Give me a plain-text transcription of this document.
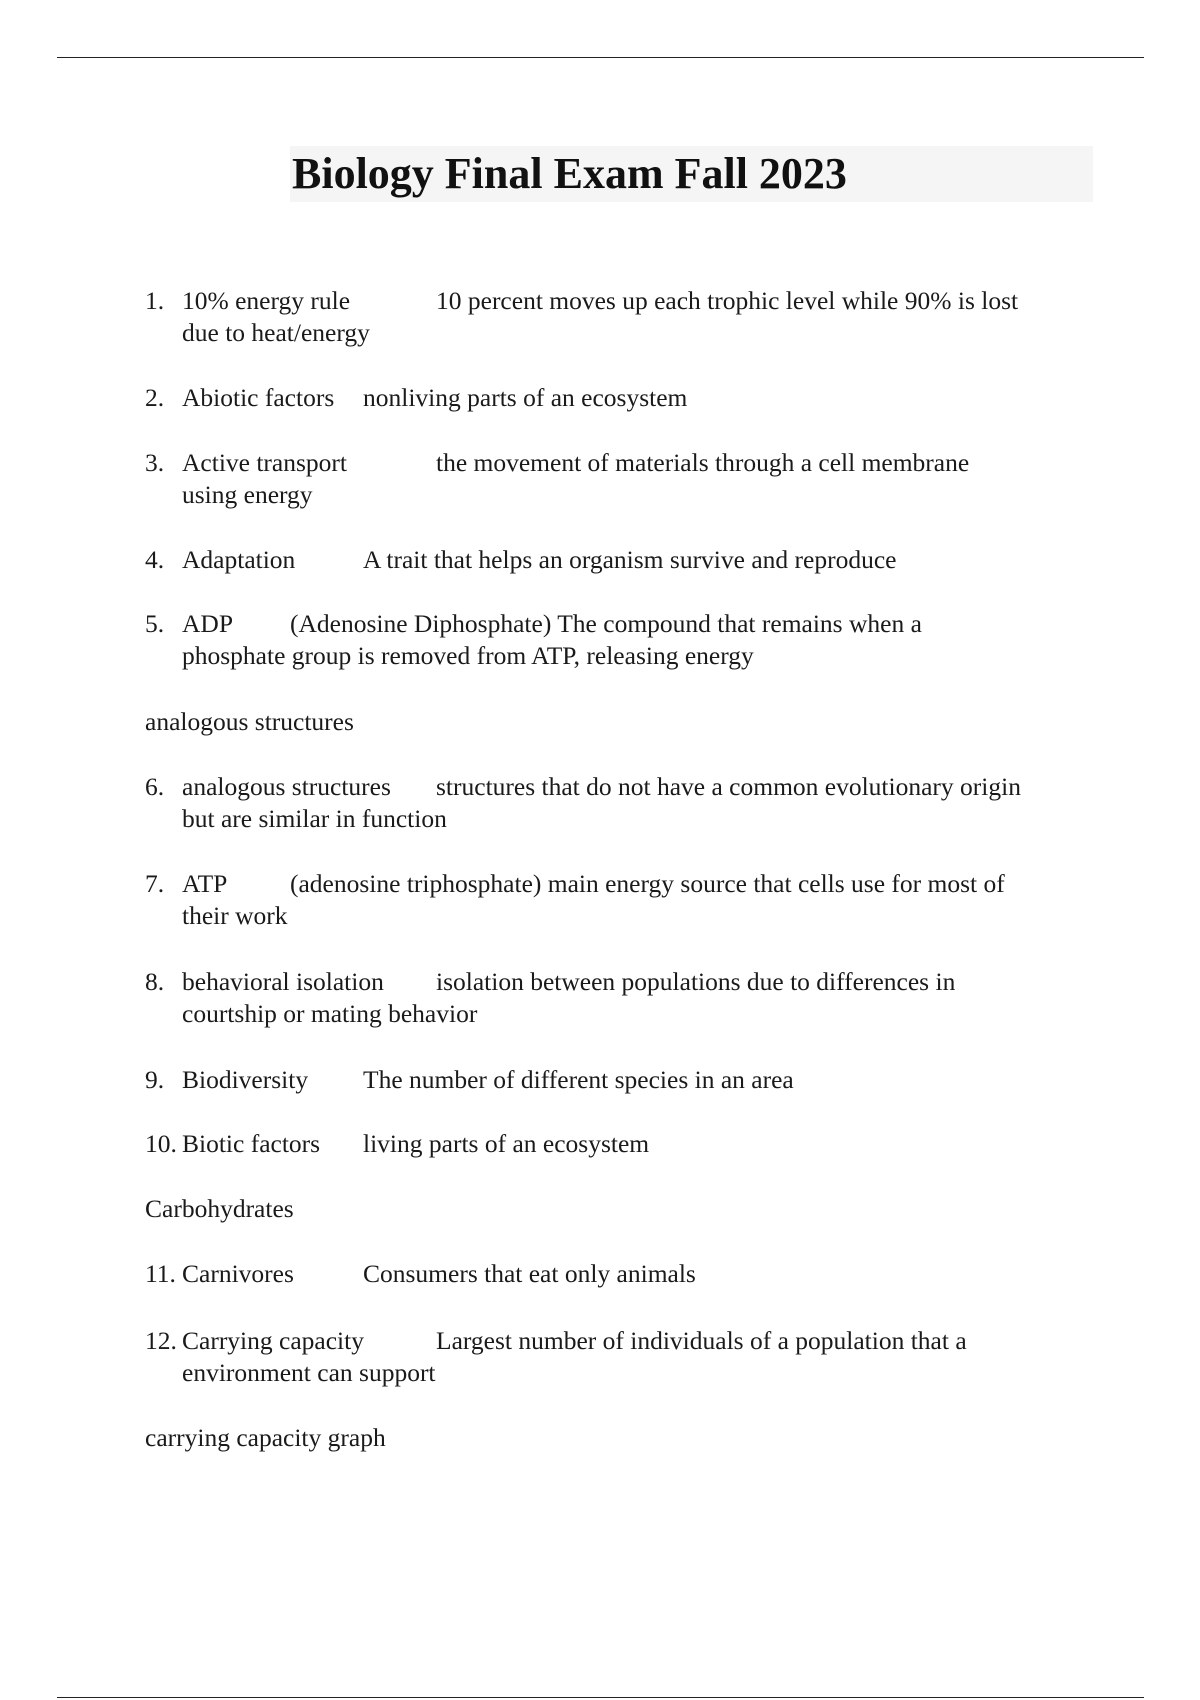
Biology Final Exam Fall 2023
1. 10% energy rule	10 percent moves up each trophic level while 90% is lost
due to heat/energy
2. Abiotic factors nonliving parts of an ecosystem
3. Active transport	the movement of materials through a cell membrane
using energy
4. Adaptation	A trait that helps an organism survive and reproduce
5. ADP (Adenosine Diphosphate) The compound that remains when a
phosphate group is removed from ATP, releasing energy
analogous structures
6. analogous structures structures that do not have a common evolutionary origin
but are similar in function
7. ATP (adenosine triphosphate) main energy source that cells use for most of
their work
8. behavioral isolation isolation between populations due to differences in
courtship or mating behavior
9. Biodiversity The number of different species in an area
10. Biotic factors living parts of an ecosystem
Carbohydrates
11. Carnivores	Consumers that eat only animals
12. Carrying capacity	Largest number of individuals of a population that a
environment can support
carrying capacity graph
